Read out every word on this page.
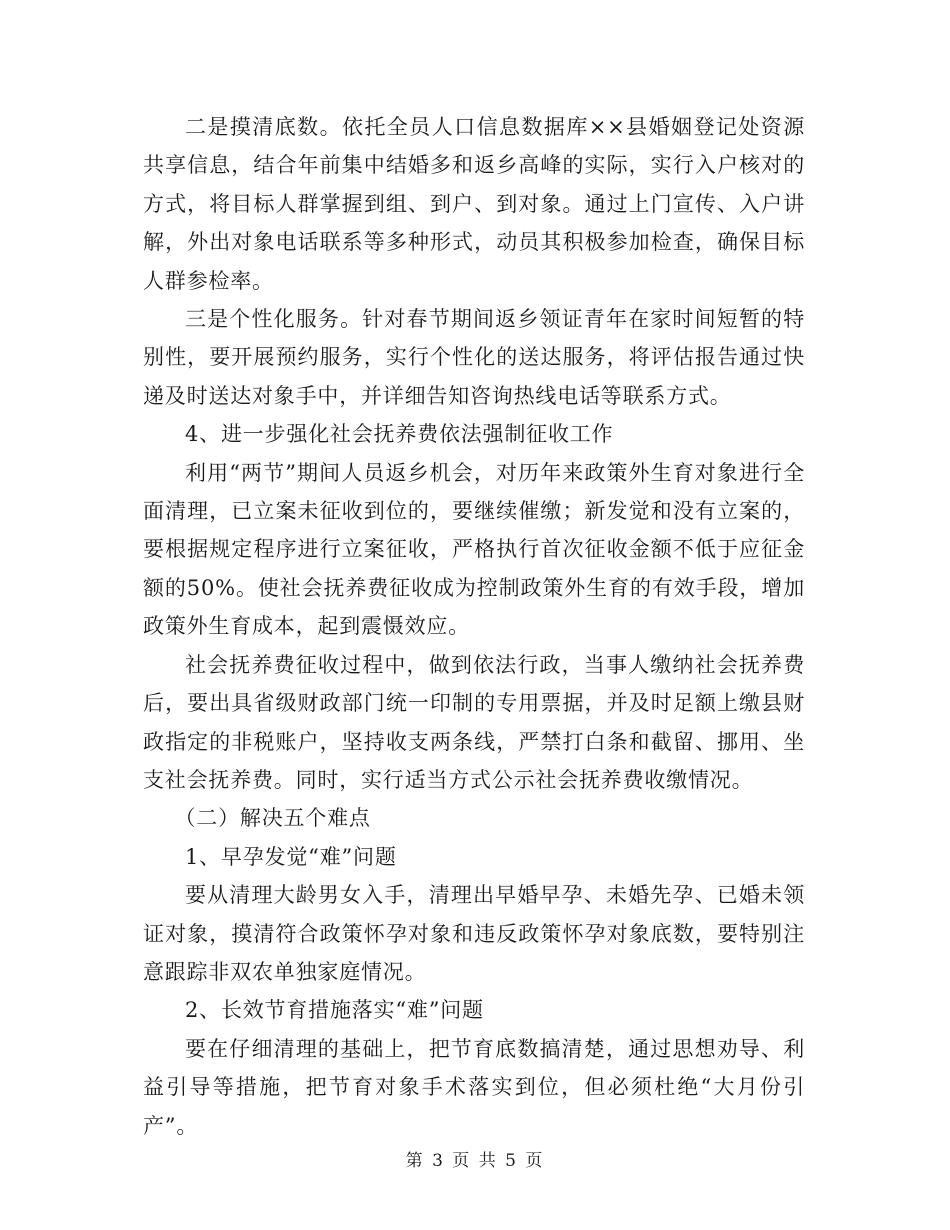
二是摸清底数。依托全员人口信息数据库××县婚姻登记处资源共享信息，结合年前集中结婚多和返乡高峰的实际，实行入户核对的方式，将目标人群掌握到组、到户、到对象。通过上门宣传、入户讲解，外出对象电话联系等多种形式，动员其积极参加检查，确保目标人群参检率。

三是个性化服务。针对春节期间返乡领证青年在家时间短暂的特别性，要开展预约服务，实行个性化的送达服务，将评估报告通过快递及时送达对象手中，并详细告知咨询热线电话等联系方式。

4、进一步强化社会抚养费依法强制征收工作

利用“两节”期间人员返乡机会，对历年来政策外生育对象进行全面清理，已立案未征收到位的，要继续催缴；新发觉和没有立案的，要根据规定程序进行立案征收，严格执行首次征收金额不低于应征金额的50%。使社会抚养费征收成为控制政策外生育的有效手段，增加政策外生育成本，起到震慑效应。

社会抚养费征收过程中，做到依法行政，当事人缴纳社会抚养费后，要出具省级财政部门统一印制的专用票据，并及时足额上缴县财政指定的非税账户，坚持收支两条线，严禁打白条和截留、挪用、坐支社会抚养费。同时，实行适当方式公示社会抚养费收缴情况。

（二）解决五个难点

1、早孕发觉“难”问题

要从清理大龄男女入手，清理出早婚早孕、未婚先孕、已婚未领证对象，摸清符合政策怀孕对象和违反政策怀孕对象底数，要特别注意跟踪非双农单独家庭情况。

2、长效节育措施落实“难”问题

要在仔细清理的基础上，把节育底数搞清楚，通过思想劝导、利益引导等措施，把节育对象手术落实到位，但必须杜绝“大月份引产”。

第 3 页 共 5 页
